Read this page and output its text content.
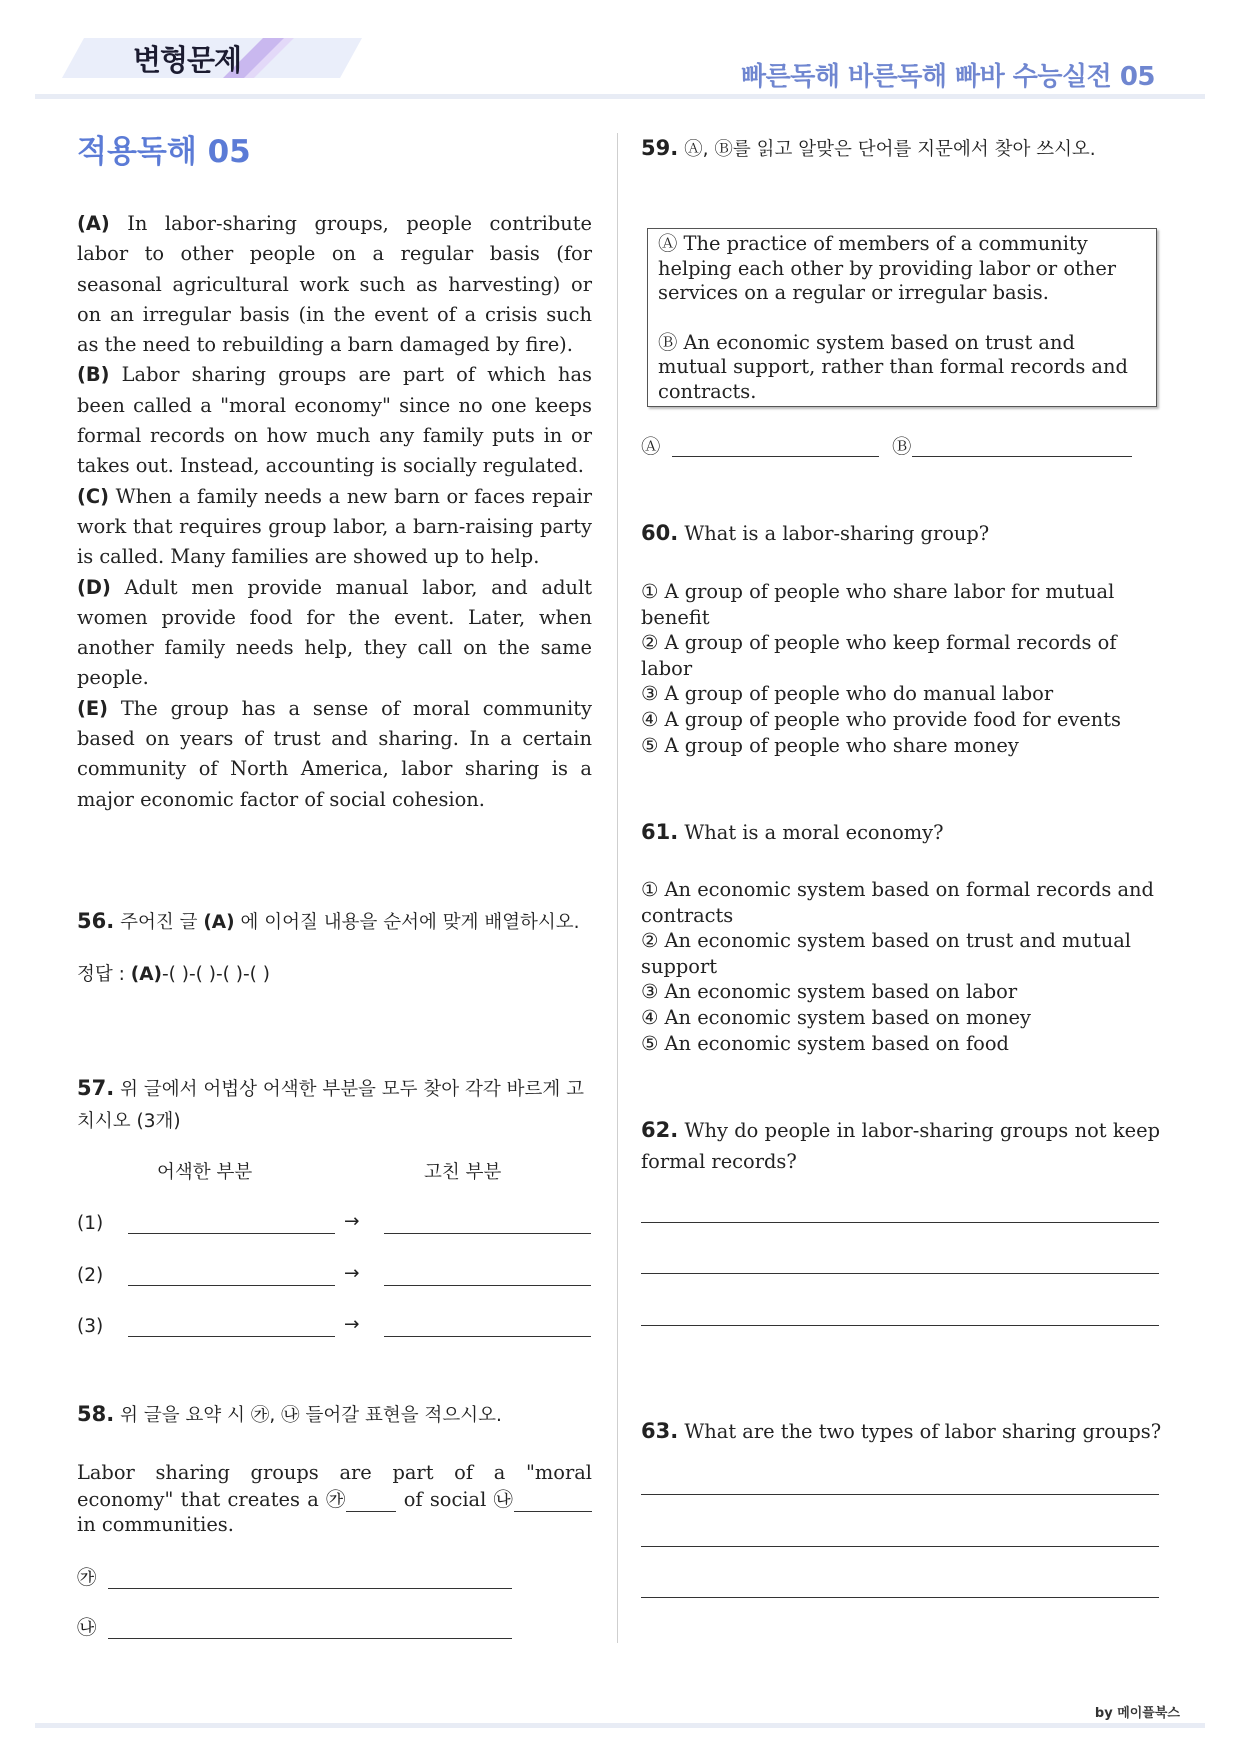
변형문제	빠른독해 바른독해 빠바 수능실전 05
적용독해 05

(A) In labor-sharing groups, people contribute labor to other people on a regular basis (for seasonal agricultural work such as harvesting) or on an irregular basis (in the event of a crisis such as the need to rebuilding a barn damaged by fire).

(B) Labor sharing groups are part of which has been called a "moral economy" since no one keeps formal records on how much any family puts in or takes out. Instead, accounting is socially regulated.

(C) When a family needs a new barn or faces repair work that requires group labor, a barn-raising party is called. Many families are showed up to help.

(D) Adult men provide manual labor, and adult women provide food for the event. Later, when another family needs help, they call on the same people.

(E) The group has a sense of moral community based on years of trust and sharing. In a certain community of North America, labor sharing is a major economic factor of social cohesion.

56. 주어진 글 (A) 에 이어질 내용을 순서에 맞게 배열하시오.
정답 : (A)-( )-( )-( )-( )
57. 위 글에서 어법상 어색한 부분을 모두 찾아 각각 바르게 고치시오 (3개)
어색한 부분	고친 부분
(1)	→
(2)	→
(3)	→
58. 위 글을 요약 시 ㉮, ㉯ 들어갈 표현을 적으시오.

Labor sharing groups are part of a "moral economy" that creates a ㉮	of social ㉯  in communities.

㉮
㉯
59. Ⓐ, Ⓑ를 읽고 알맞은 단어를 지문에서 찾아 쓰시오.

Ⓐ The practice of members of a community helping each other by providing labor or other services on a regular or irregular basis.

Ⓑ An economic system based on trust and mutual support, rather than formal records and contracts.

Ⓐ	Ⓑ
60. What is a labor-sharing group?

① A group of people who share labor for mutual benefit

② A group of people who keep formal records of labor

③ A group of people who do manual labor

④ A group of people who provide food for events

⑤ A group of people who share money

61. What is a moral economy?

① An economic system based on formal records and contracts

② An economic system based on trust and mutual support

③ An economic system based on labor

④ An economic system based on money

⑤ An economic system based on food

62. Why do people in labor-sharing groups not keep formal records?
63. What are the two types of labor sharing groups?
by 메이플북스
